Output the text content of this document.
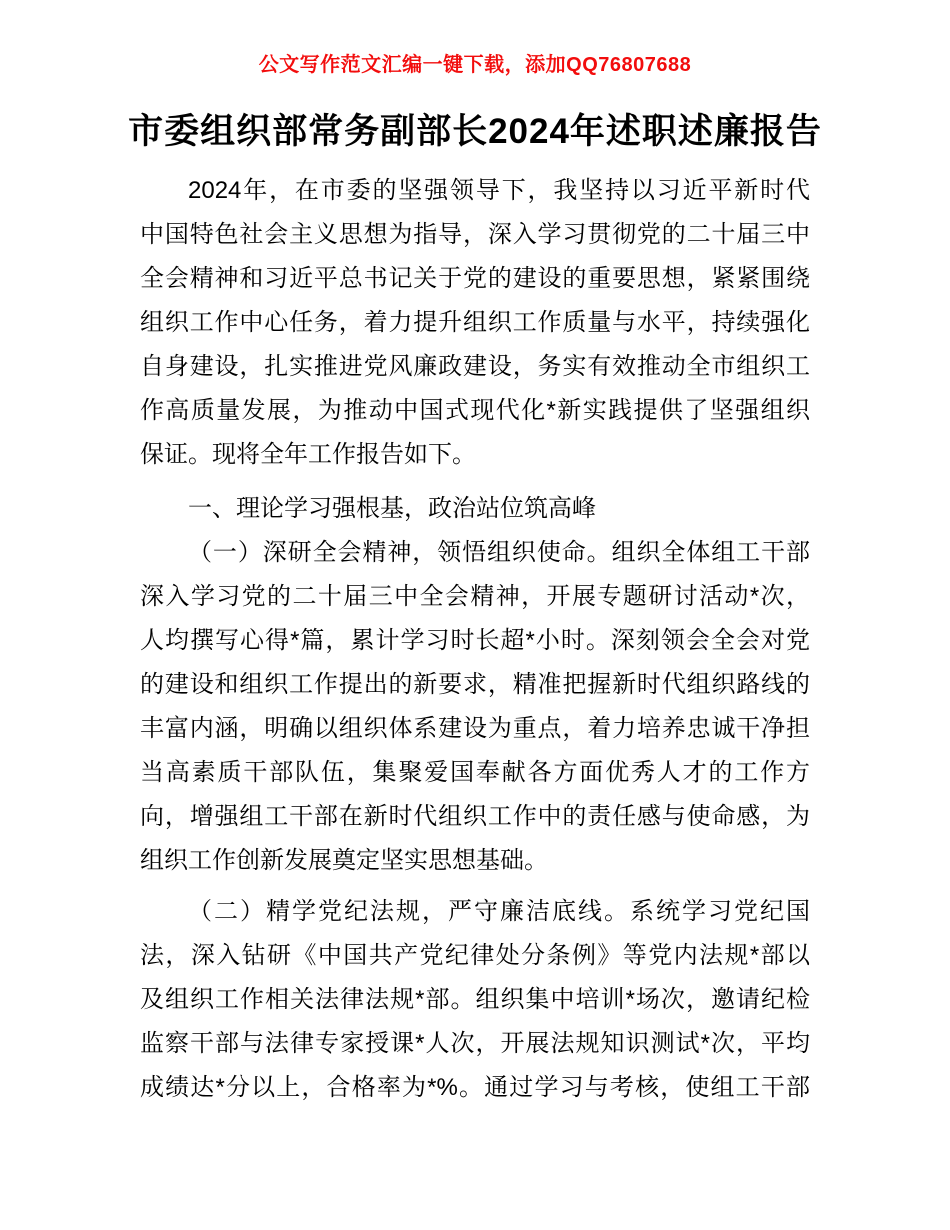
公文写作范文汇编一键下载，添加QQ76807688
市委组织部常务副部长2024年述职述廉报告
2024年，在市委的坚强领导下，我坚持以习近平新时代
中国特色社会主义思想为指导，深入学习贯彻党的二十届三中
全会精神和习近平总书记关于党的建设的重要思想，紧紧围绕
组织工作中心任务，着力提升组织工作质量与水平，持续强化
自身建设，扎实推进党风廉政建设，务实有效推动全市组织工
作高质量发展，为推动中国式现代化*新实践提供了坚强组织
保证。现将全年工作报告如下。
一、理论学习强根基，政治站位筑高峰
（一）深研全会精神，领悟组织使命。组织全体组工干部
深入学习党的二十届三中全会精神，开展专题研讨活动*次，
人均撰写心得*篇，累计学习时长超*小时。深刻领会全会对党
的建设和组织工作提出的新要求，精准把握新时代组织路线的
丰富内涵，明确以组织体系建设为重点，着力培养忠诚干净担
当高素质干部队伍，集聚爱国奉献各方面优秀人才的工作方
向，增强组工干部在新时代组织工作中的责任感与使命感，为
组织工作创新发展奠定坚实思想基础。
（二）精学党纪法规，严守廉洁底线。系统学习党纪国
法，深入钻研《中国共产党纪律处分条例》等党内法规*部以
及组织工作相关法律法规*部。组织集中培训*场次，邀请纪检
监察干部与法律专家授课*人次，开展法规知识测试*次，平均
成绩达*分以上，合格率为*%。通过学习与考核，使组工干部
